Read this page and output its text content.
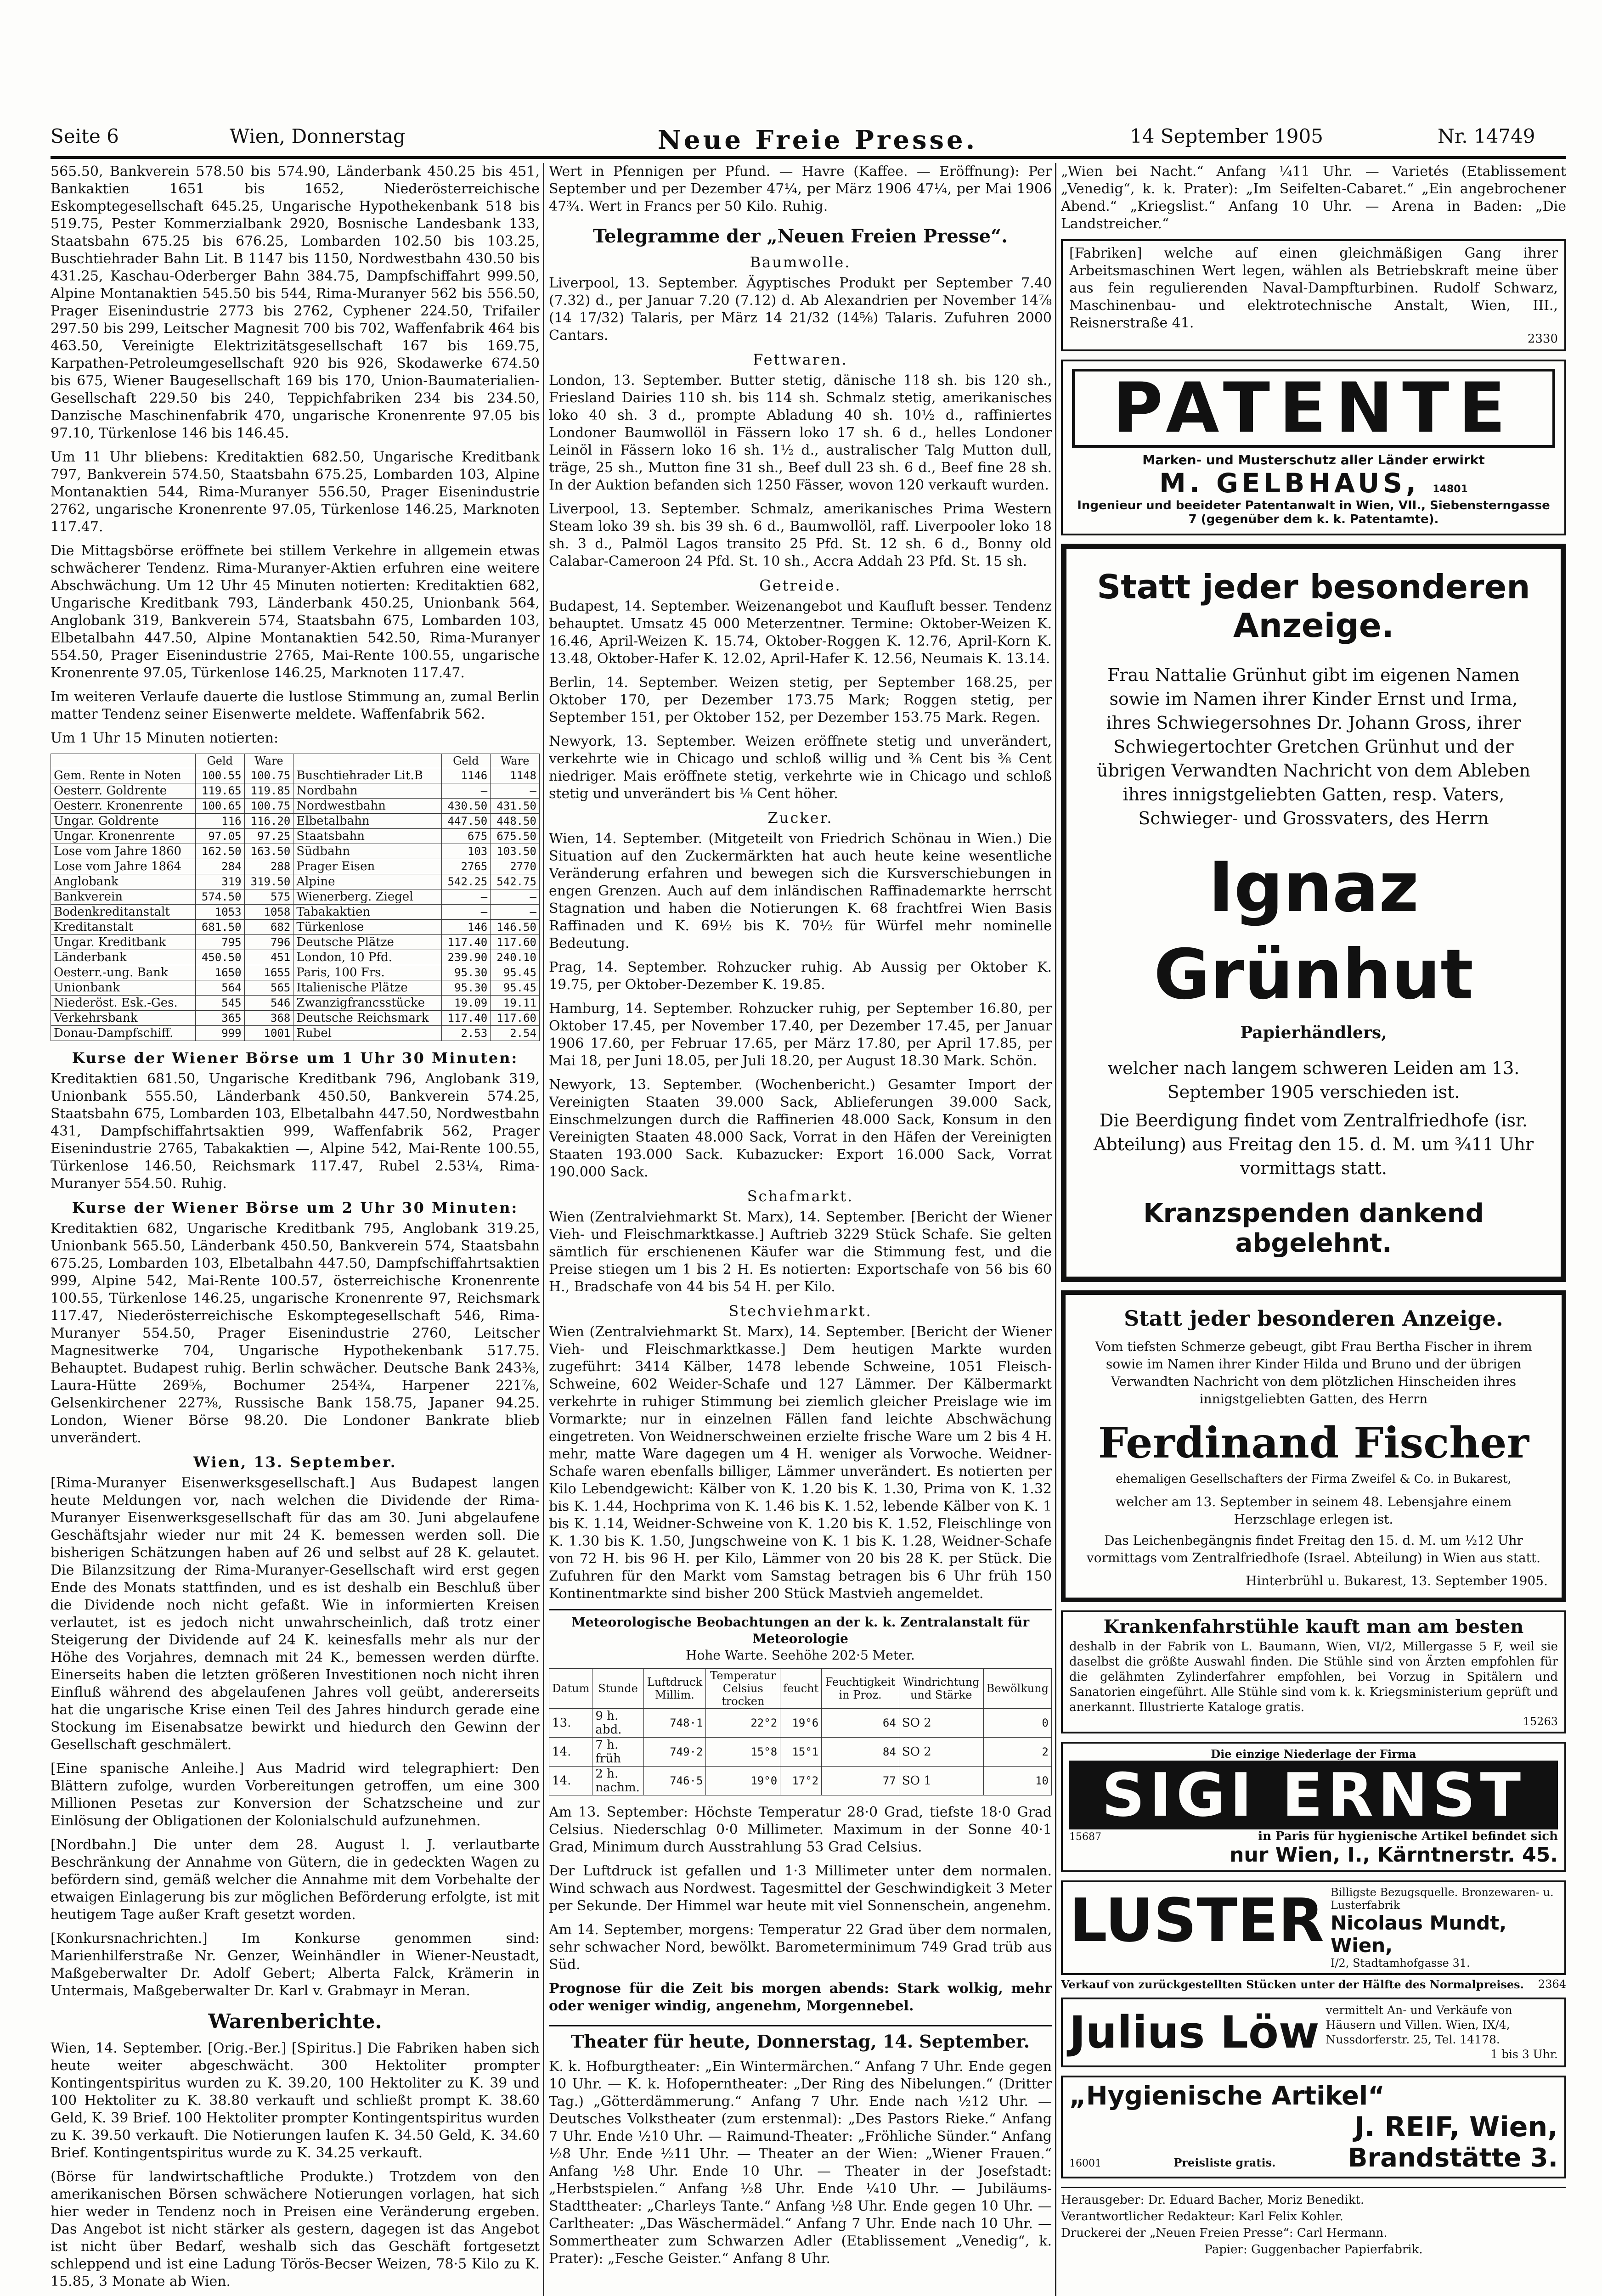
Seite 6	Wien, Donnerstag	Neue Freie Presse.	14 September 1905	Nr. 14749

565.50, Bankverein 578.50 bis 574.90, Länderbank 450.25 bis 451, Bankaktien 1651 bis 1652, Niederösterreichische Eskomptegesellschaft 645.25, Ungarische Hypothekenbank 518 bis 519.75, Pester Kommerzialbank 2920, Bosnische Landesbank 133, Staatsbahn 675.25 bis 676.25, Lombarden 102.50 bis 103.25, Buschtiehrader Bahn Lit. B 1147 bis 1150, Nordwestbahn 430.50 bis 431.25, Kaschau-Oderberger Bahn 384.75, Dampfschiffahrt 999.50, Alpine Montanaktien 545.50 bis 544, Rima-Muranyer 562 bis 556.50, Prager Eisenindustrie 2773 bis 2762, Cyphener 224.50, Trifailer 297.50 bis 299, Leitscher Magnesit 700 bis 702, Waffenfabrik 464 bis 463.50, Vereinigte Elektrizitätsgesellschaft 167 bis 169.75, Karpathen-Petroleumgesellschaft 920 bis 926, Skodawerke 674.50 bis 675, Wiener Baugesellschaft 169 bis 170, Union-Baumaterialien-Gesellschaft 229.50 bis 240, Teppichfabriken 234 bis 234.50, Danzische Maschinenfabrik 470, ungarische Kronenrente 97.05 bis 97.10, Türkenlose 146 bis 146.45.

Um 11 Uhr bliebens: Kreditaktien 682.50, Ungarische Kreditbank 797, Bankverein 574.50, Staatsbahn 675.25, Lombarden 103, Alpine Montanaktien 544, Rima-Muranyer 556.50, Prager Eisenindustrie 2762, ungarische Kronenrente 97.05, Türkenlose 146.25, Marknoten 117.47.

Die Mittagsbörse eröffnete bei stillem Verkehre in allgemein etwas schwächerer Tendenz. Rima-Muranyer-Aktien erfuhren eine weitere Abschwächung. Um 12 Uhr 45 Minuten notierten: Kreditaktien 682, Ungarische Kreditbank 793, Länderbank 450.25, Unionbank 564, Anglobank 319, Bankverein 574, Staatsbahn 675, Lombarden 103, Elbetalbahn 447.50, Alpine Montanaktien 542.50, Rima-Muranyer 554.50, Prager Eisenindustrie 2765, Mai-Rente 100.55, ungarische Kronenrente 97.05, Türkenlose 146.25, Marknoten 117.47.

Im weiteren Verlaufe dauerte die lustlose Stimmung an, zumal Berlin matter Tendenz seiner Eisenwerte meldete. Waffenfabrik 562.

Um 1 Uhr 15 Minuten notierten:

	Geld	Ware		Geld	Ware
Gem. Rente in Noten	100.55	100.75	Buschtiehrader Lit.B	1146	1148
Oesterr. Goldrente	119.65	119.85	Nordbahn	—	—
Oesterr. Kronenrente	100.65	100.75	Nordwestbahn	430.50	431.50
Ungar. Goldrente	116	116.20	Elbetalbahn	447.50	448.50
Ungar. Kronenrente	97.05	97.25	Staatsbahn	675	675.50
Lose vom Jahre 1860	162.50	163.50	Südbahn	103	103.50
Lose vom Jahre 1864	284	288	Prager Eisen	2765	2770
Anglobank	319	319.50	Alpine	542.25	542.75
Bankverein	574.50	575	Wienerberg. Ziegel	—	—
Bodenkreditanstalt	1053	1058	Tabakaktien	—	—
Kreditanstalt	681.50	682	Türkenlose	146	146.50
Ungar. Kreditbank	795	796	Deutsche Plätze	117.40	117.60
Länderbank	450.50	451	London, 10 Pfd.	239.90	240.10
Oesterr.-ung. Bank	1650	1655	Paris, 100 Frs.	95.30	95.45
Unionbank	564	565	Italienische Plätze	95.30	95.45
Niederöst. Esk.-Ges.	545	546	Zwanzigfrancsstücke	19.09	19.11
Verkehrsbank	365	368	Deutsche Reichsmark	117.40	117.60
Donau-Dampfschiff.	999	1001	Rubel	2.53	2.54
Kurse der Wiener Börse um 1 Uhr 30 Minuten:

Kreditaktien 681.50, Ungarische Kreditbank 796, Anglobank 319, Unionbank 555.50, Länderbank 450.50, Bankverein 574.25, Staatsbahn 675, Lombarden 103, Elbetalbahn 447.50, Nordwestbahn 431, Dampfschiffahrtsaktien 999, Waffenfabrik 562, Prager Eisenindustrie 2765, Tabakaktien —, Alpine 542, Mai-Rente 100.55, Türkenlose 146.50, Reichsmark 117.47, Rubel 2.53¼, Rima-Muranyer 554.50. Ruhig.

Kurse der Wiener Börse um 2 Uhr 30 Minuten:

Kreditaktien 682, Ungarische Kreditbank 795, Anglobank 319.25, Unionbank 565.50, Länderbank 450.50, Bankverein 574, Staatsbahn 675.25, Lombarden 103, Elbetalbahn 447.50, Dampfschiffahrtsaktien 999, Alpine 542, Mai-Rente 100.57, österreichische Kronenrente 100.55, Türkenlose 146.25, ungarische Kronenrente 97, Reichsmark 117.47, Niederösterreichische Eskomptegesellschaft 546, Rima-Muranyer 554.50, Prager Eisenindustrie 2760, Leitscher Magnesitwerke 704, Ungarische Hypothekenbank 517.75. Behauptet. Budapest ruhig. Berlin schwächer. Deutsche Bank 243⅜, Laura-Hütte 269⅝, Bochumer 254¾, Harpener 221⅞, Gelsenkirchener 227⅜, Russische Bank 158.75, Japaner 94.25. London, Wiener Börse 98.20. Die Londoner Bankrate blieb unverändert.

Wien, 13. September.

[Rima-Muranyer Eisenwerksgesellschaft.] Aus Budapest langen heute Meldungen vor, nach welchen die Dividende der Rima-Muranyer Eisenwerksgesellschaft für das am 30. Juni abgelaufene Geschäftsjahr wieder nur mit 24 K. bemessen werden soll. Die bisherigen Schätzungen haben auf 26 und selbst auf 28 K. gelautet. Die Bilanzsitzung der Rima-Muranyer-Gesellschaft wird erst gegen Ende des Monats stattfinden, und es ist deshalb ein Beschluß über die Dividende noch nicht gefaßt. Wie in informierten Kreisen verlautet, ist es jedoch nicht unwahrscheinlich, daß trotz einer Steigerung der Dividende auf 24 K. keinesfalls mehr als nur der Höhe des Vorjahres, demnach mit 24 K., bemessen werden dürfte. Einerseits haben die letzten größeren Investitionen noch nicht ihren Einfluß während des abgelaufenen Jahres voll geübt, andererseits hat die ungarische Krise einen Teil des Jahres hindurch gerade eine Stockung im Eisenabsatze bewirkt und hiedurch den Gewinn der Gesellschaft geschmälert.

[Eine spanische Anleihe.] Aus Madrid wird telegraphiert: Den Blättern zufolge, wurden Vorbereitungen getroffen, um eine 300 Millionen Pesetas zur Konversion der Schatzscheine und zur Einlösung der Obligationen der Kolonialschuld aufzunehmen.

[Nordbahn.] Die unter dem 28. August l. J. verlautbarte Beschränkung der Annahme von Gütern, die in gedeckten Wagen zu befördern sind, gemäß welcher die Annahme mit dem Vorbehalte der etwaigen Einlagerung bis zur möglichen Beförderung erfolgte, ist mit heutigem Tage außer Kraft gesetzt worden.

[Konkursnachrichten.] Im Konkurse genommen sind: Marienhilferstraße Nr. Genzer, Weinhändler in Wiener-Neustadt, Maßgeberwalter Dr. Adolf Gebert; Alberta Falck, Krämerin in Untermais, Maßgeberwalter Dr. Karl v. Grabmayr in Meran.

Warenberichte.

Wien, 14. September. [Orig.-Ber.] [Spiritus.] Die Fabriken haben sich heute weiter abgeschwächt. 300 Hektoliter prompter Kontingentspiritus wurden zu K. 39.20, 100 Hektoliter zu K. 39 und 100 Hektoliter zu K. 38.80 verkauft und schließt prompt K. 38.60 Geld, K. 39 Brief. 100 Hektoliter prompter Kontingentspiritus wurden zu K. 39.50 verkauft. Die Notierungen laufen K. 34.50 Geld, K. 34.60 Brief. Kontingentspiritus wurde zu K. 34.25 verkauft.

(Börse für landwirtschaftliche Produkte.) Trotzdem von den amerikanischen Börsen schwächere Notierungen vorlagen, hat sich hier weder in Tendenz noch in Preisen eine Veränderung ergeben. Das Angebot ist nicht stärker als gestern, dagegen ist das Angebot ist nicht über Bedarf, weshalb sich das Geschäft fortgesetzt schleppend und ist eine Ladung Törös-Becser Weizen, 78·5 Kilo zu K. 15.85, 3 Monate ab Wien.

Wert in Pfennigen per Pfund. — Havre (Kaffee. — Eröffnung): Per September und per Dezember 47¼, per März 1906 47¼, per Mai 1906 47¾. Wert in Francs per 50 Kilo. Ruhig.

Telegramme der „Neuen Freien Presse“.
Baumwolle.

Liverpool, 13. September. Ägyptisches Produkt per September 7.40 (7.32) d., per Januar 7.20 (7.12) d. Ab Alexandrien per November 14⅞ (14 17/32) Talaris, per März 14 21/32 (14⅝) Talaris. Zufuhren 2000 Cantars.

Fettwaren.

London, 13. September. Butter stetig, dänische 118 sh. bis 120 sh., Friesland Dairies 110 sh. bis 114 sh. Schmalz stetig, amerikanisches loko 40 sh. 3 d., prompte Abladung 40 sh. 10½ d., raffiniertes Londoner Baumwollöl in Fässern loko 17 sh. 6 d., helles Londoner Leinöl in Fässern loko 16 sh. 1½ d., australischer Talg Mutton dull, träge, 25 sh., Mutton fine 31 sh., Beef dull 23 sh. 6 d., Beef fine 28 sh. In der Auktion befanden sich 1250 Fässer, wovon 120 verkauft wurden.

Liverpool, 13. September. Schmalz, amerikanisches Prima Western Steam loko 39 sh. bis 39 sh. 6 d., Baumwollöl, raff. Liverpooler loko 18 sh. 3 d., Palmöl Lagos transito 25 Pfd. St. 12 sh. 6 d., Bonny old Calabar-Cameroon 24 Pfd. St. 10 sh., Accra Addah 23 Pfd. St. 15 sh.

Getreide.

Budapest, 14. September. Weizenangebot und Kaufluft besser. Tendenz behauptet. Umsatz 45 000 Meterzentner. Termine: Oktober-Weizen K. 16.46, April-Weizen K. 15.74, Oktober-Roggen K. 12.76, April-Korn K. 13.48, Oktober-Hafer K. 12.02, April-Hafer K. 12.56, Neumais K. 13.14.

Berlin, 14. September. Weizen stetig, per September 168.25, per Oktober 170, per Dezember 173.75 Mark; Roggen stetig, per September 151, per Oktober 152, per Dezember 153.75 Mark. Regen.

Newyork, 13. September. Weizen eröffnete stetig und unverändert, verkehrte wie in Chicago und schloß willig und ⅜ Cent bis ⅜ Cent niedriger. Mais eröffnete stetig, verkehrte wie in Chicago und schloß stetig und unverändert bis ⅛ Cent höher.

Zucker.

Wien, 14. September. (Mitgeteilt von Friedrich Schönau in Wien.) Die Situation auf den Zuckermärkten hat auch heute keine wesentliche Veränderung erfahren und bewegen sich die Kursverschiebungen in engen Grenzen. Auch auf dem inländischen Raffinademarkte herrscht Stagnation und haben die Notierungen K. 68 frachtfrei Wien Basis Raffinaden und K. 69½ bis K. 70½ für Würfel mehr nominelle Bedeutung.

Prag, 14. September. Rohzucker ruhig. Ab Aussig per Oktober K. 19.75, per Oktober-Dezember K. 19.85.

Hamburg, 14. September. Rohzucker ruhig, per September 16.80, per Oktober 17.45, per November 17.40, per Dezember 17.45, per Januar 1906 17.60, per Februar 17.65, per März 17.80, per April 17.85, per Mai 18, per Juni 18.05, per Juli 18.20, per August 18.30 Mark. Schön.

Newyork, 13. September. (Wochenbericht.) Gesamter Import der Vereinigten Staaten 39.000 Sack, Ablieferungen 39.000 Sack, Einschmelzungen durch die Raffinerien 48.000 Sack, Konsum in den Vereinigten Staaten 48.000 Sack, Vorrat in den Häfen der Vereinigten Staaten 193.000 Sack. Kubazucker: Export 16.000 Sack, Vorrat 190.000 Sack.

Schafmarkt.

Wien (Zentralviehmarkt St. Marx), 14. September. [Bericht der Wiener Vieh- und Fleischmarktkasse.] Auftrieb 3229 Stück Schafe. Sie gelten sämtlich für erschienenen Käufer war die Stimmung fest, und die Preise stiegen um 1 bis 2 H. Es notierten: Exportschafe von 56 bis 60 H., Bradschafe von 44 bis 54 H. per Kilo.

Stechviehmarkt.

Wien (Zentralviehmarkt St. Marx), 14. September. [Bericht der Wiener Vieh- und Fleischmarktkasse.] Dem heutigen Markte wurden zugeführt: 3414 Kälber, 1478 lebende Schweine, 1051 Fleisch-Schweine, 602 Weider-Schafe und 127 Lämmer. Der Kälbermarkt verkehrte in ruhiger Stimmung bei ziemlich gleicher Preislage wie im Vormarkte; nur in einzelnen Fällen fand leichte Abschwächung eingetreten. Von Weidnerschweinen erzielte frische Ware um 2 bis 4 H. mehr, matte Ware dagegen um 4 H. weniger als Vorwoche. Weidner-Schafe waren ebenfalls billiger, Lämmer unverändert. Es notierten per Kilo Lebendgewicht: Kälber von K. 1.20 bis K. 1.30, Prima von K. 1.32 bis K. 1.44, Hochprima von K. 1.46 bis K. 1.52, lebende Kälber von K. 1 bis K. 1.14, Weidner-Schweine von K. 1.20 bis K. 1.52, Fleischlinge von K. 1.30 bis K. 1.50, Jungschweine von K. 1 bis K. 1.28, Weidner-Schafe von 72 H. bis 96 H. per Kilo, Lämmer von 20 bis 28 K. per Stück. Die Zufuhren für den Markt vom Samstag betragen bis 6 Uhr früh 150 Kontinentmarkte sind bisher 200 Stück Mastvieh angemeldet.

Meteorologische Beobachtungen an der k. k. Zentralanstalt für Meteorologie
Hohe Warte. Seehöhe 202·5 Meter.
Datum	Stunde	Luftdruck Millim.	Temperatur Celsius trocken	feucht	Feuchtigkeit in Proz.	Windrichtung und Stärke	Bewölkung
13.	9 h. abd.	748·1	22°2	19°6	64	SO 2	0
14.	7 h. früh	749·2	15°8	15°1	84	SO 2	2
14.	2 h. nachm.	746·5	19°0	17°2	77	SO 1	10

Am 13. September: Höchste Temperatur 28·0 Grad, tiefste 18·0 Grad Celsius. Niederschlag 0·0 Millimeter. Maximum in der Sonne 40·1 Grad, Minimum durch Ausstrahlung 53 Grad Celsius.

Der Luftdruck ist gefallen und 1·3 Millimeter unter dem normalen. Wind schwach aus Nordwest. Tagesmittel der Geschwindigkeit 3 Meter per Sekunde. Der Himmel war heute mit viel Sonnenschein, angenehm.

Am 14. September, morgens: Temperatur 22 Grad über dem normalen, sehr schwacher Nord, bewölkt. Barometerminimum 749 Grad trüb aus Süd.

Prognose für die Zeit bis morgen abends: Stark wolkig, mehr oder weniger windig, angenehm, Morgennebel.

Theater für heute, Donnerstag, 14. September.

K. k. Hofburgtheater: „Ein Wintermärchen.“ Anfang 7 Uhr. Ende gegen 10 Uhr. — K. k. Hofoperntheater: „Der Ring des Nibelungen.“ (Dritter Tag.) „Götterdämmerung.“ Anfang 7 Uhr. Ende nach ½12 Uhr. — Deutsches Volkstheater (zum erstenmal): „Des Pastors Rieke.“ Anfang 7 Uhr. Ende ½10 Uhr. — Raimund-Theater: „Fröhliche Sünder.“ Anfang ½8 Uhr. Ende ½11 Uhr. — Theater an der Wien: „Wiener Frauen.“ Anfang ½8 Uhr. Ende 10 Uhr. — Theater in der Josefstadt: „Herbstspielen.“ Anfang ½8 Uhr. Ende ¼10 Uhr. — Jubiläums-Stadttheater: „Charleys Tante.“ Anfang ½8 Uhr. Ende gegen 10 Uhr. — Carltheater: „Das Wäschermädel.“ Anfang 7 Uhr. Ende nach 10 Uhr. — Sommertheater zum Schwarzen Adler (Etablissement „Venedig“, k. Prater): „Fesche Geister.“ Anfang 8 Uhr.

„Wien bei Nacht.“ Anfang ¼11 Uhr. — Varietés (Etablissement „Venedig“, k. k. Prater): „Im Seifelten-Cabaret.“ „Ein angebrochener Abend.“ „Kriegslist.“ Anfang 10 Uhr. — Arena in Baden: „Die Landstreicher.“

[Fabriken] welche auf einen gleichmäßigen Gang ihrer Arbeitsmaschinen Wert legen, wählen als Betriebskraft meine über aus fein regulierenden Naval-Dampfturbinen. Rudolf Schwarz, Maschinenbau- und elektrotechnische Anstalt, Wien, III., Reisnerstraße 41.

2330
PATENTE
Marken- und Musterschutz aller Länder erwirkt
M. GELBHAUS, 14801
Ingenieur und beeideter Patentanwalt in Wien, VII., Siebensterngasse 7 (gegenüber dem k. k. Patentamte).
Statt jeder besonderen Anzeige.
Frau Nattalie Grünhut gibt im eigenen Namen sowie im Namen ihrer Kinder Ernst und Irma, ihres Schwiegersohnes Dr. Johann Gross, ihrer Schwiegertochter Gretchen Grünhut und der übrigen Verwandten Nachricht von dem Ableben ihres innigstgeliebten Gatten, resp. Vaters, Schwieger- und Grossvaters, des Herrn
Ignaz Grünhut
Papierhändlers,
welcher nach langem schweren Leiden am 13. September 1905 verschieden ist.
Die Beerdigung findet vom Zentralfriedhofe (isr. Abteilung) aus Freitag den 15. d. M. um ¾11 Uhr vormittags statt.
Kranzspenden dankend abgelehnt.
Statt jeder besonderen Anzeige.
Vom tiefsten Schmerze gebeugt, gibt Frau Bertha Fischer in ihrem sowie im Namen ihrer Kinder Hilda und Bruno und der übrigen Verwandten Nachricht von dem plötzlichen Hinscheiden ihres innigstgeliebten Gatten, des Herrn
Ferdinand Fischer
ehemaligen Gesellschafters der Firma Zweifel & Co. in Bukarest,
welcher am 13. September in seinem 48. Lebensjahre einem Herzschlage erlegen ist.
Das Leichenbegängnis findet Freitag den 15. d. M. um ½12 Uhr vormittags vom Zentralfriedhofe (Israel. Abteilung) in Wien aus statt.
Hinterbrühl u. Bukarest, 13. September 1905.
Krankenfahrstühle kauft man am besten

deshalb in der Fabrik von L. Baumann, Wien, VI/2, Millergasse 5 F, weil sie daselbst die größte Auswahl finden. Die Stühle sind von Ärzten empfohlen für die gelähmten Zylinderfahrer empfohlen, bei Vorzug in Spitälern und Sanatorien eingeführt. Alle Stühle sind vom k. k. Kriegsministerium geprüft und anerkannt. Illustrierte Kataloge gratis.

15263
Die einzige Niederlage der Firma
SIGI ERNST
15687	in Paris für hygienische Artikel befindet sich
nur Wien, I., Kärntnerstr. 45.
LUSTER Billigste Bezugsquelle. Bronzewaren- u. Lusterfabrik
Nicolaus Mundt, Wien,
I/2, Stadtamhofgasse 31.
Verkauf von zurückgestellten Stücken unter der Hälfte des Normalpreises. 2364
Julius Löw vermittelt An- und Verkäufe von Häusern und Villen. Wien, IX/4, Nussdorferstr. 25, Tel. 14178.
1 bis 3 Uhr.
„Hygienische Artikel“
J. REIF, Wien,
16001	Preisliste gratis.	Brandstätte 3.
Herausgeber: Dr. Eduard Bacher, Moriz Benedikt.
Verantwortlicher Redakteur: Karl Felix Kohler.
Druckerei der „Neuen Freien Presse“: Carl Hermann.
Papier: Guggenbacher Papierfabrik.
